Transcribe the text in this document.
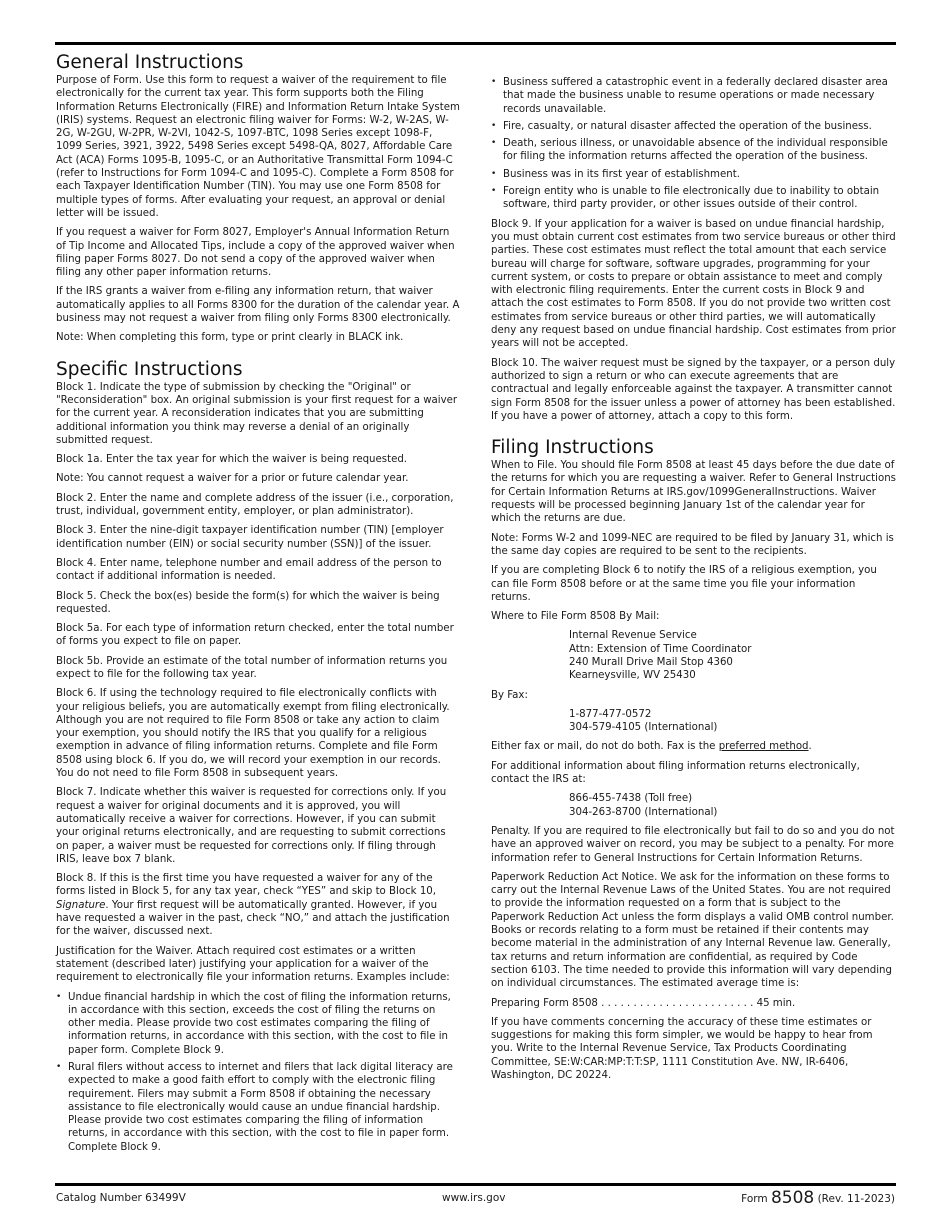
General Instructions

Purpose of Form. Use this form to request a waiver of the requirement to file electronically for the current tax year. This form supports both the Filing Information Returns Electronically (FIRE) and Information Return Intake System (IRIS) systems. Request an electronic filing waiver for Forms: W-2, W-2AS, W-2G, W-2GU, W-2PR, W-2VI, 1042-S, 1097-BTC, 1098 Series except 1098-F, 1099 Series, 3921, 3922, 5498 Series except 5498-QA, 8027, Affordable Care Act (ACA) Forms 1095-B, 1095-C, or an Authoritative Transmittal Form 1094-C (refer to Instructions for Form 1094-C and 1095-C). Complete a Form 8508 for each Taxpayer Identification Number (TIN). You may use one Form 8508 for multiple types of forms. After evaluating your request, an approval or denial letter will be issued.

If you request a waiver for Form 8027, Employer's Annual Information Return of Tip Income and Allocated Tips, include a copy of the approved waiver when filing paper Forms 8027. Do not send a copy of the approved waiver when filing any other paper information returns.

If the IRS grants a waiver from e-filing any information return, that waiver automatically applies to all Forms 8300 for the duration of the calendar year. A business may not request a waiver from filing only Forms 8300 electronically.

Note: When completing this form, type or print clearly in BLACK ink.

Specific Instructions

Block 1. Indicate the type of submission by checking the "Original" or "Reconsideration" box. An original submission is your first request for a waiver for the current year. A reconsideration indicates that you are submitting additional information you think may reverse a denial of an originally submitted request.

Block 1a. Enter the tax year for which the waiver is being requested.

Note: You cannot request a waiver for a prior or future calendar year.

Block 2. Enter the name and complete address of the issuer (i.e., corporation, trust, individual, government entity, employer, or plan administrator).

Block 3. Enter the nine-digit taxpayer identification number (TIN) [employer identification number (EIN) or social security number (SSN)] of the issuer.

Block 4. Enter name, telephone number and email address of the person to contact if additional information is needed.

Block 5. Check the box(es) beside the form(s) for which the waiver is being requested.

Block 5a. For each type of information return checked, enter the total number of forms you expect to file on paper.

Block 5b. Provide an estimate of the total number of information returns you expect to file for the following tax year.

Block 6. If using the technology required to file electronically conflicts with your religious beliefs, you are automatically exempt from filing electronically. Although you are not required to file Form 8508 or take any action to claim your exemption, you should notify the IRS that you qualify for a religious exemption in advance of filing information returns. Complete and file Form 8508 using block 6. If you do, we will record your exemption in our records. You do not need to file Form 8508 in subsequent years.

Block 7. Indicate whether this waiver is requested for corrections only. If you request a waiver for original documents and it is approved, you will automatically receive a waiver for corrections. However, if you can submit your original returns electronically, and are requesting to submit corrections on paper, a waiver must be requested for corrections only. If filing through IRIS, leave box 7 blank.

Block 8. If this is the first time you have requested a waiver for any of the forms listed in Block 5, for any tax year, check “YES” and skip to Block 10, Signature. Your first request will be automatically granted. However, if you have requested a waiver in the past, check “NO,” and attach the justification for the waiver, discussed next.

Justification for the Waiver. Attach required cost estimates or a written statement (described later) justifying your application for a waiver of the requirement to electronically file your information returns. Examples include:

• Undue financial hardship in which the cost of filing the information returns, in accordance with this section, exceeds the cost of filing the returns on other media. Please provide two cost estimates comparing the filing of information returns, in accordance with this section, with the cost to file in paper form. Complete Block 9.
• Rural filers without access to internet and filers that lack digital literacy are expected to make a good faith effort to comply with the electronic filing requirement. Filers may submit a Form 8508 if obtaining the necessary assistance to file electronically would cause an undue financial hardship. Please provide two cost estimates comparing the filing of information returns, in accordance with this section, with the cost to file in paper form. Complete Block 9.
• Business suffered a catastrophic event in a federally declared disaster area that made the business unable to resume operations or made necessary records unavailable.
• Fire, casualty, or natural disaster affected the operation of the business.
• Death, serious illness, or unavoidable absence of the individual responsible for filing the information returns affected the operation of the business.
• Business was in its first year of establishment.
• Foreign entity who is unable to file electronically due to inability to obtain software, third party provider, or other issues outside of their control.

Block 9. If your application for a waiver is based on undue financial hardship, you must obtain current cost estimates from two service bureaus or other third parties. These cost estimates must reflect the total amount that each service bureau will charge for software, software upgrades, programming for your current system, or costs to prepare or obtain assistance to meet and comply with electronic filing requirements. Enter the current costs in Block 9 and attach the cost estimates to Form 8508. If you do not provide two written cost estimates from service bureaus or other third parties, we will automatically deny any request based on undue financial hardship. Cost estimates from prior years will not be accepted.

Block 10. The waiver request must be signed by the taxpayer, or a person duly authorized to sign a return or who can execute agreements that are contractual and legally enforceable against the taxpayer. A transmitter cannot sign Form 8508 for the issuer unless a power of attorney has been established. If you have a power of attorney, attach a copy to this form.

Filing Instructions

When to File. You should file Form 8508 at least 45 days before the due date of the returns for which you are requesting a waiver. Refer to General Instructions for Certain Information Returns at IRS.gov/1099GeneralInstructions. Waiver requests will be processed beginning January 1st of the calendar year for which the returns are due.

Note: Forms W-2 and 1099-NEC are required to be filed by January 31, which is the same day copies are required to be sent to the recipients.

If you are completing Block 6 to notify the IRS of a religious exemption, you can file Form 8508 before or at the same time you file your information returns.

Where to File Form 8508 By Mail:

Internal Revenue Service

Attn: Extension of Time Coordinator

240 Murall Drive Mail Stop 4360

Kearneysville, WV 25430

By Fax:

1-877-477-0572

304-579-4105 (International)

Either fax or mail, do not do both. Fax is the preferred method.

For additional information about filing information returns electronically, contact the IRS at:

866-455-7438 (Toll free)

304-263-8700 (International)

Penalty. If you are required to file electronically but fail to do so and you do not have an approved waiver on record, you may be subject to a penalty. For more information refer to General Instructions for Certain Information Returns.

Paperwork Reduction Act Notice. We ask for the information on these forms to carry out the Internal Revenue Laws of the United States. You are not required to provide the information requested on a form that is subject to the Paperwork Reduction Act unless the form displays a valid OMB control number. Books or records relating to a form must be retained if their contents may become material in the administration of any Internal Revenue law. Generally, tax returns and return information are confidential, as required by Code section 6103. The time needed to provide this information will vary depending on individual circumstances. The estimated average time is:

Preparing Form 8508 . . . . . . . . . . . . . . . . . . . . . . . . 45 min.

If you have comments concerning the accuracy of these time estimates or suggestions for making this form simpler, we would be happy to hear from you. Write to the Internal Revenue Service, Tax Products Coordinating Committee, SE:W:CAR:MP:T:T:SP, 1111 Constitution Ave. NW, IR-6406, Washington, DC 20224.

Catalog Number 63499V	www.irs.gov	Form 8508 (Rev. 11-2023)
